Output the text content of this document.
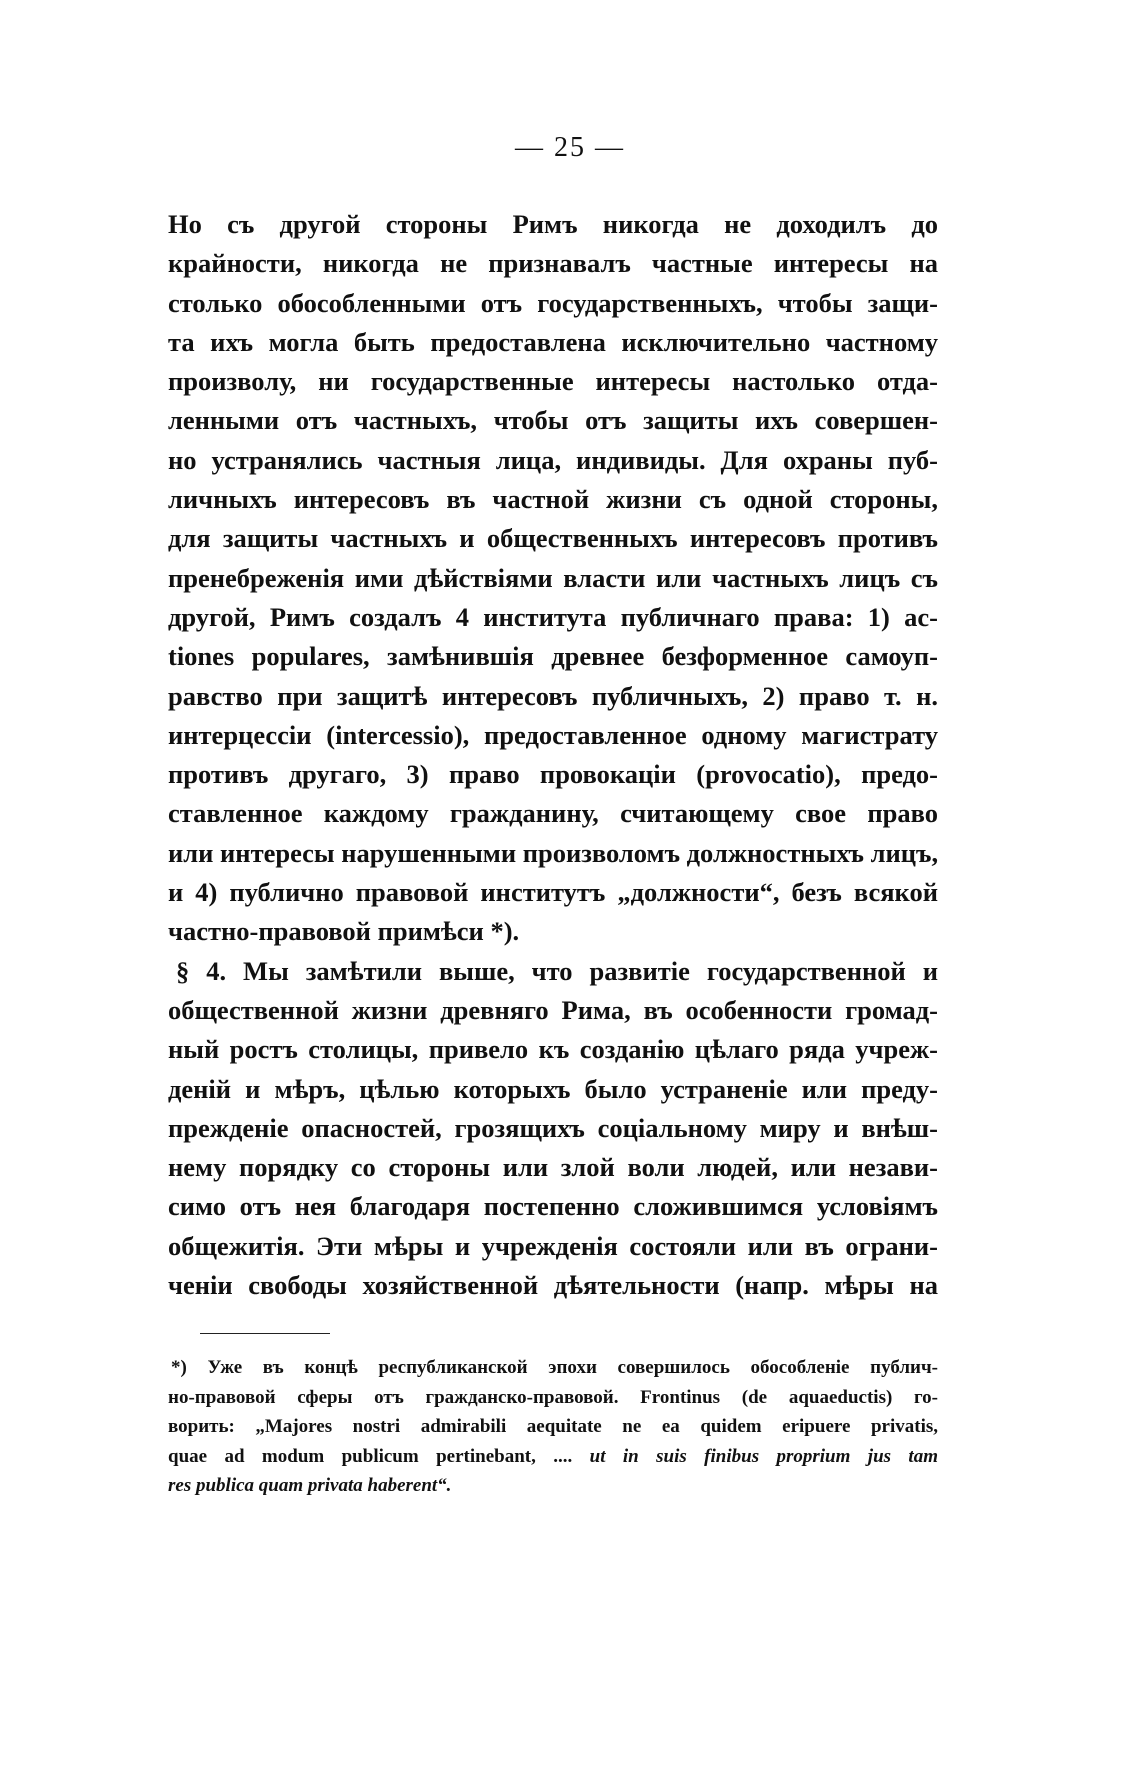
— 25 —
Но съ другой стороны Римъ никогда не доходилъ до
крайности, никогда не признавалъ частные интересы на
столько обособленными отъ государственныхъ, чтобы защи-
та ихъ могла быть предоставлена исключительно частному
произволу, ни государственные интересы настолько отда-
ленными отъ частныхъ, чтобы отъ защиты ихъ совершен-
но устранялись частныя лица, индивиды. Для охраны пуб-
личныхъ интересовъ въ частной жизни съ одной стороны,
для защиты частныхъ и общественныхъ интересовъ противъ
пренебреженія ими дѣйствіями власти или частныхъ лицъ съ
другой, Римъ создалъ 4 института публичнаго права: 1) ac-
tiones populares, замѣнившія древнее безформенное самоуп-
равство при защитѣ интересовъ публичныхъ, 2) право т. н.
интерцессіи (intercessio), предоставленное одному магистрату
противъ другаго, 3) право провокаціи (provocatio), предо-
ставленное каждому гражданину, считающему свое право
или интересы нарушенными произволомъ должностныхъ лицъ,
и 4) публично правовой институтъ „должности“, безъ всякой
частно-правовой примѣси *).
§ 4. Мы замѣтили выше, что развитіе государственной и
общественной жизни древняго Рима, въ особенности громад-
ный ростъ столицы, привело къ созданію цѣлаго ряда учреж-
деній и мѣръ, цѣлью которыхъ было устраненіе или преду-
прежденіе опасностей, грозящихъ соціальному миру и внѣш-
нему порядку со стороны или злой воли людей, или незави-
симо отъ нея благодаря постепенно сложившимся условіямъ
общежитія. Эти мѣры и учрежденія состояли или въ ограни-
ченіи свободы хозяйственной дѣятельности (напр. мѣры на
*) Уже въ концѣ республиканской эпохи совершилось обособленіе публич-
но-правовой сферы отъ гражданско-правовой. Frontinus (de aquaeductis) го-
ворить: „Majores nostri admirabili aequitate ne ea quidem eripuere privatis,
quae ad modum publicum pertinebant, .... ut in suis finibus proprium jus tam
res publica quam privata haberent“.
